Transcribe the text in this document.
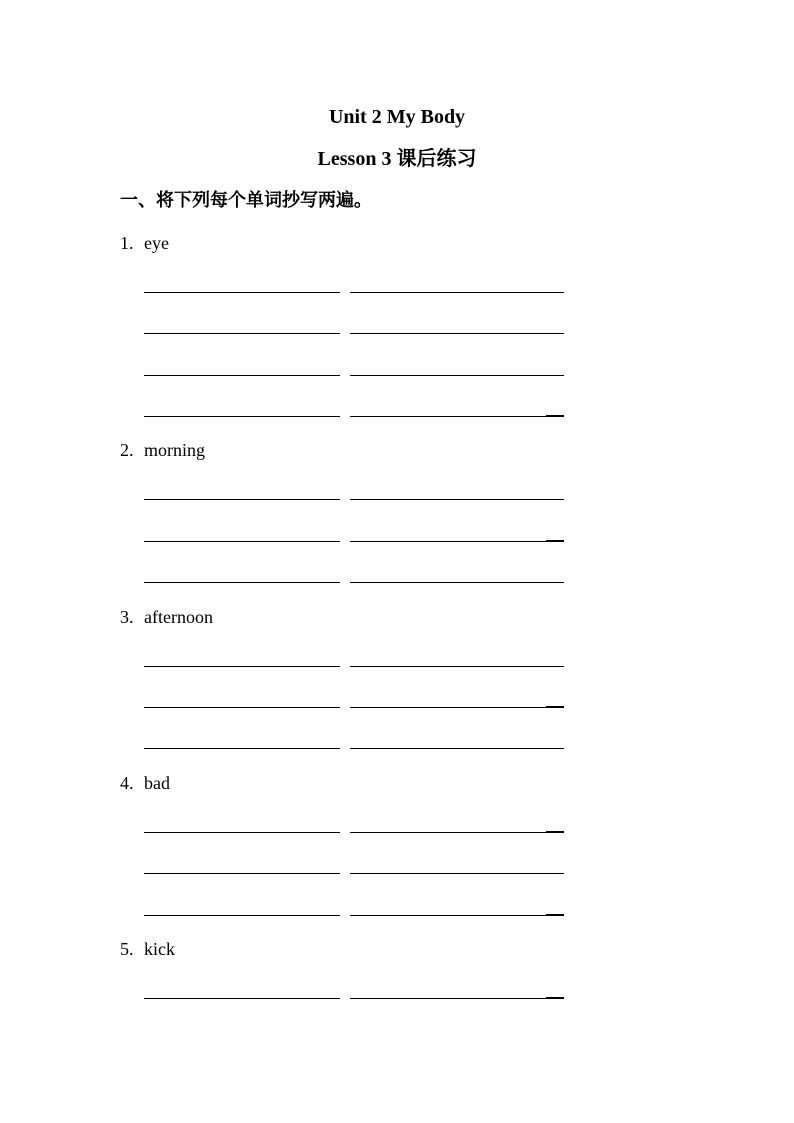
Unit 2 My Body
Lesson 3 课后练习
一、将下列每个单词抄写两遍。
1. eye
2. morning
3. afternoon
4. bad
5. kick
